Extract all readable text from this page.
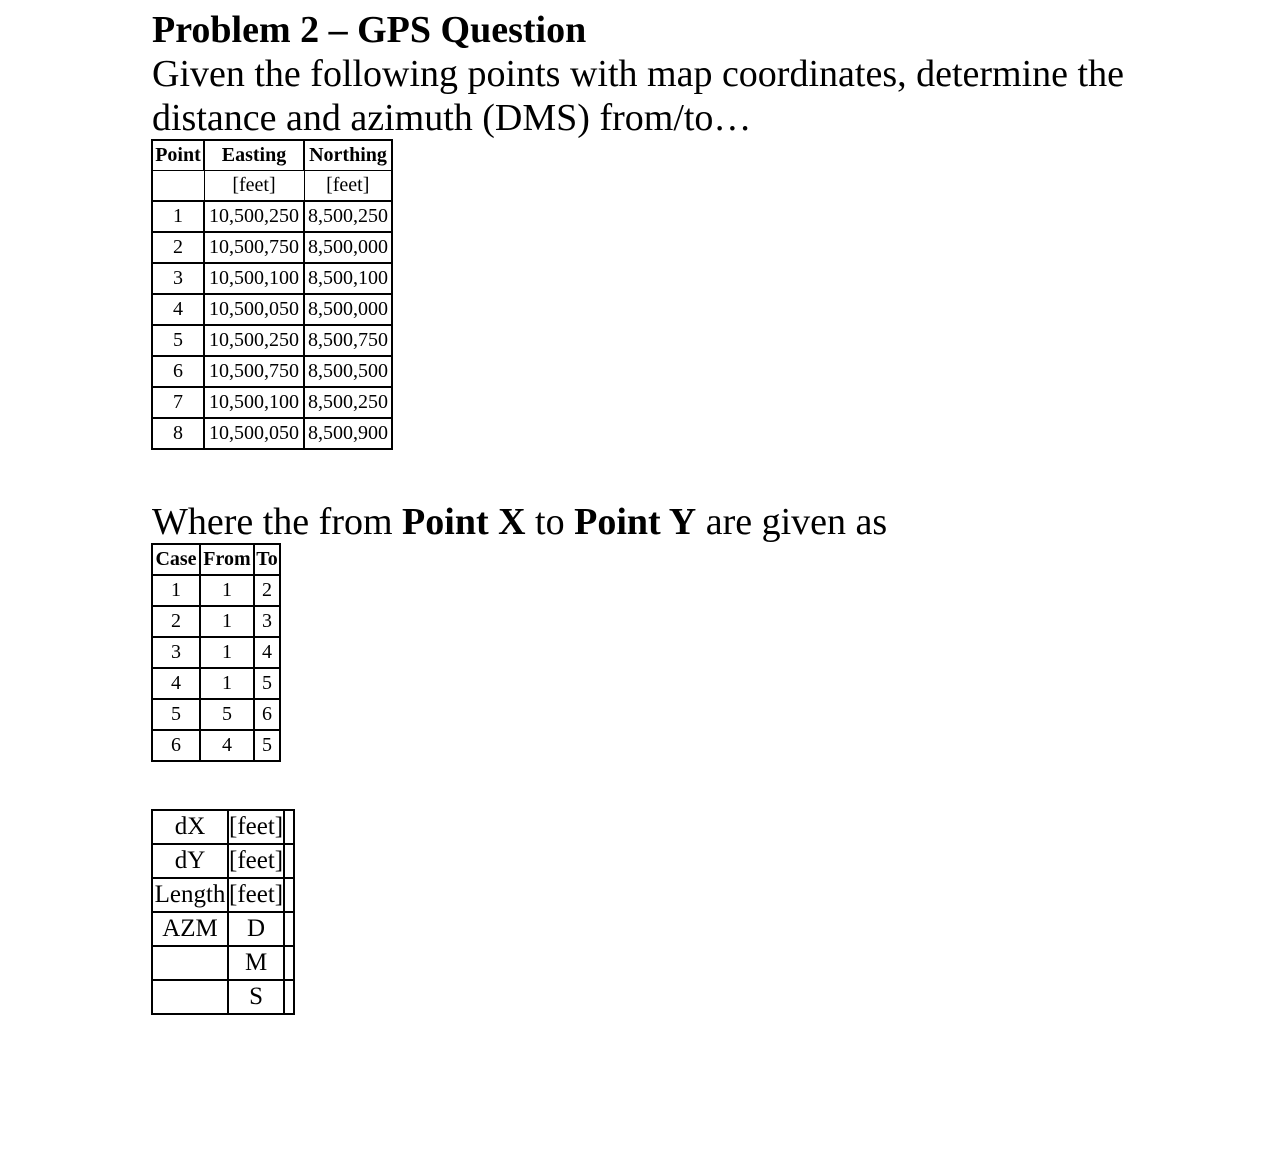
Problem 2 – GPS Question
Given the following points with map coordinates, determine the
distance and azimuth (DMS) from/to…
Point	Easting	Northing
	[feet]	[feet]
1	10,500,250	8,500,250
2	10,500,750	8,500,000
3	10,500,100	8,500,100
4	10,500,050	8,500,000
5	10,500,250	8,500,750
6	10,500,750	8,500,500
7	10,500,100	8,500,250
8	10,500,050	8,500,900
Where the from Point X to Point Y are given as
Case	From	To
1	1	2
2	1	3
3	1	4
4	1	5
5	5	6
6	4	5
dX	[feet]	
dY	[feet]	
Length	[feet]	
AZM	D	
	M	
	S	
